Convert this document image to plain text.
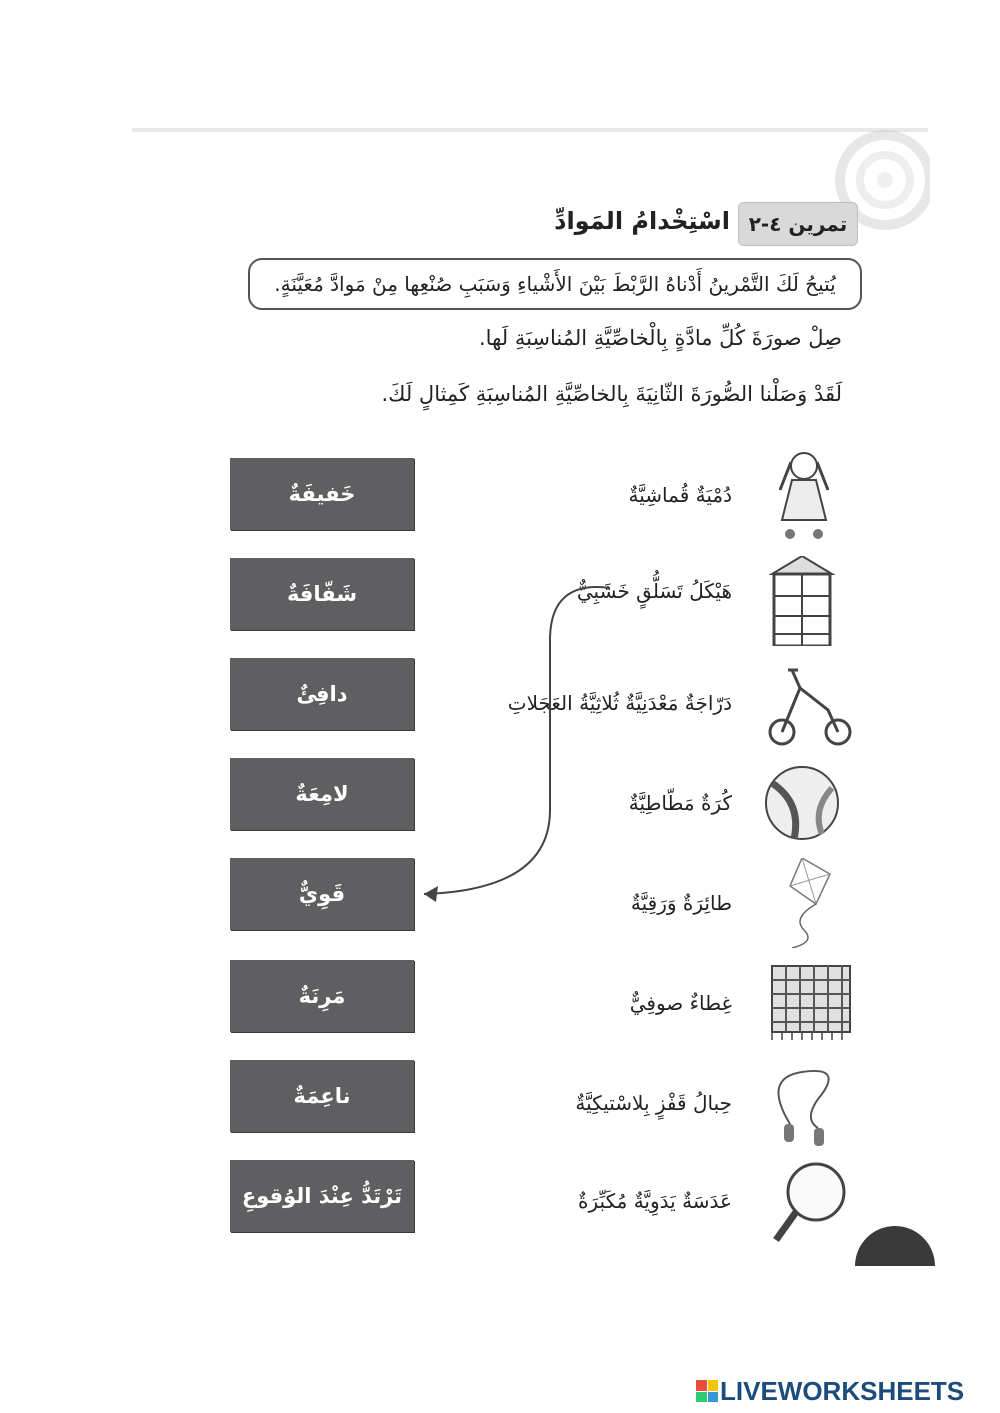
تمرين ٤-٢
اسْتِخْدامُ المَوادِّ
يُتيحُ لَكَ التَّمْرينُ أَدْناهُ الرَّبْطَ بَيْنَ الأَشْياءِ وَسَبَبِ صُنْعِها مِنْ مَوادَّ مُعَيَّنَةٍ.
صِلْ صورَةَ كُلِّ مادَّةٍ بِالْخاصِّيَّةِ المُناسِبَةِ لَها.
لَقَدْ وَصَلْنا الصُّورَةَ الثّانِيَةَ بِالخاصِّيَّةِ المُناسِبَةِ كَمِثالٍ لَكَ.
خَفيفَةٌ
شَفّافَةٌ
دافِئٌ
لامِعَةٌ
قَوِيٌّ
مَرِنَةٌ
ناعِمَةٌ
تَرْتَدُّ عِنْدَ الوُقوعِ
دُمْيَةٌ قُماشِيَّةٌ
هَيْكَلُ تَسَلُّقٍ خَشَبِيٌّ
دَرّاجَةٌ مَعْدَنِيَّةٌ ثُلاثِيَّةُ العَجَلاتِ
كُرَةٌ مَطّاطِيَّةٌ
طائِرَةٌ وَرَقِيَّةٌ
غِطاءٌ صوفِيٌّ
حِبالُ قَفْزٍ بِلاسْتيكِيَّةٌ
عَدَسَةٌ يَدَوِيَّةٌ مُكَبِّرَةٌ
LIVEWORKSHEETS
